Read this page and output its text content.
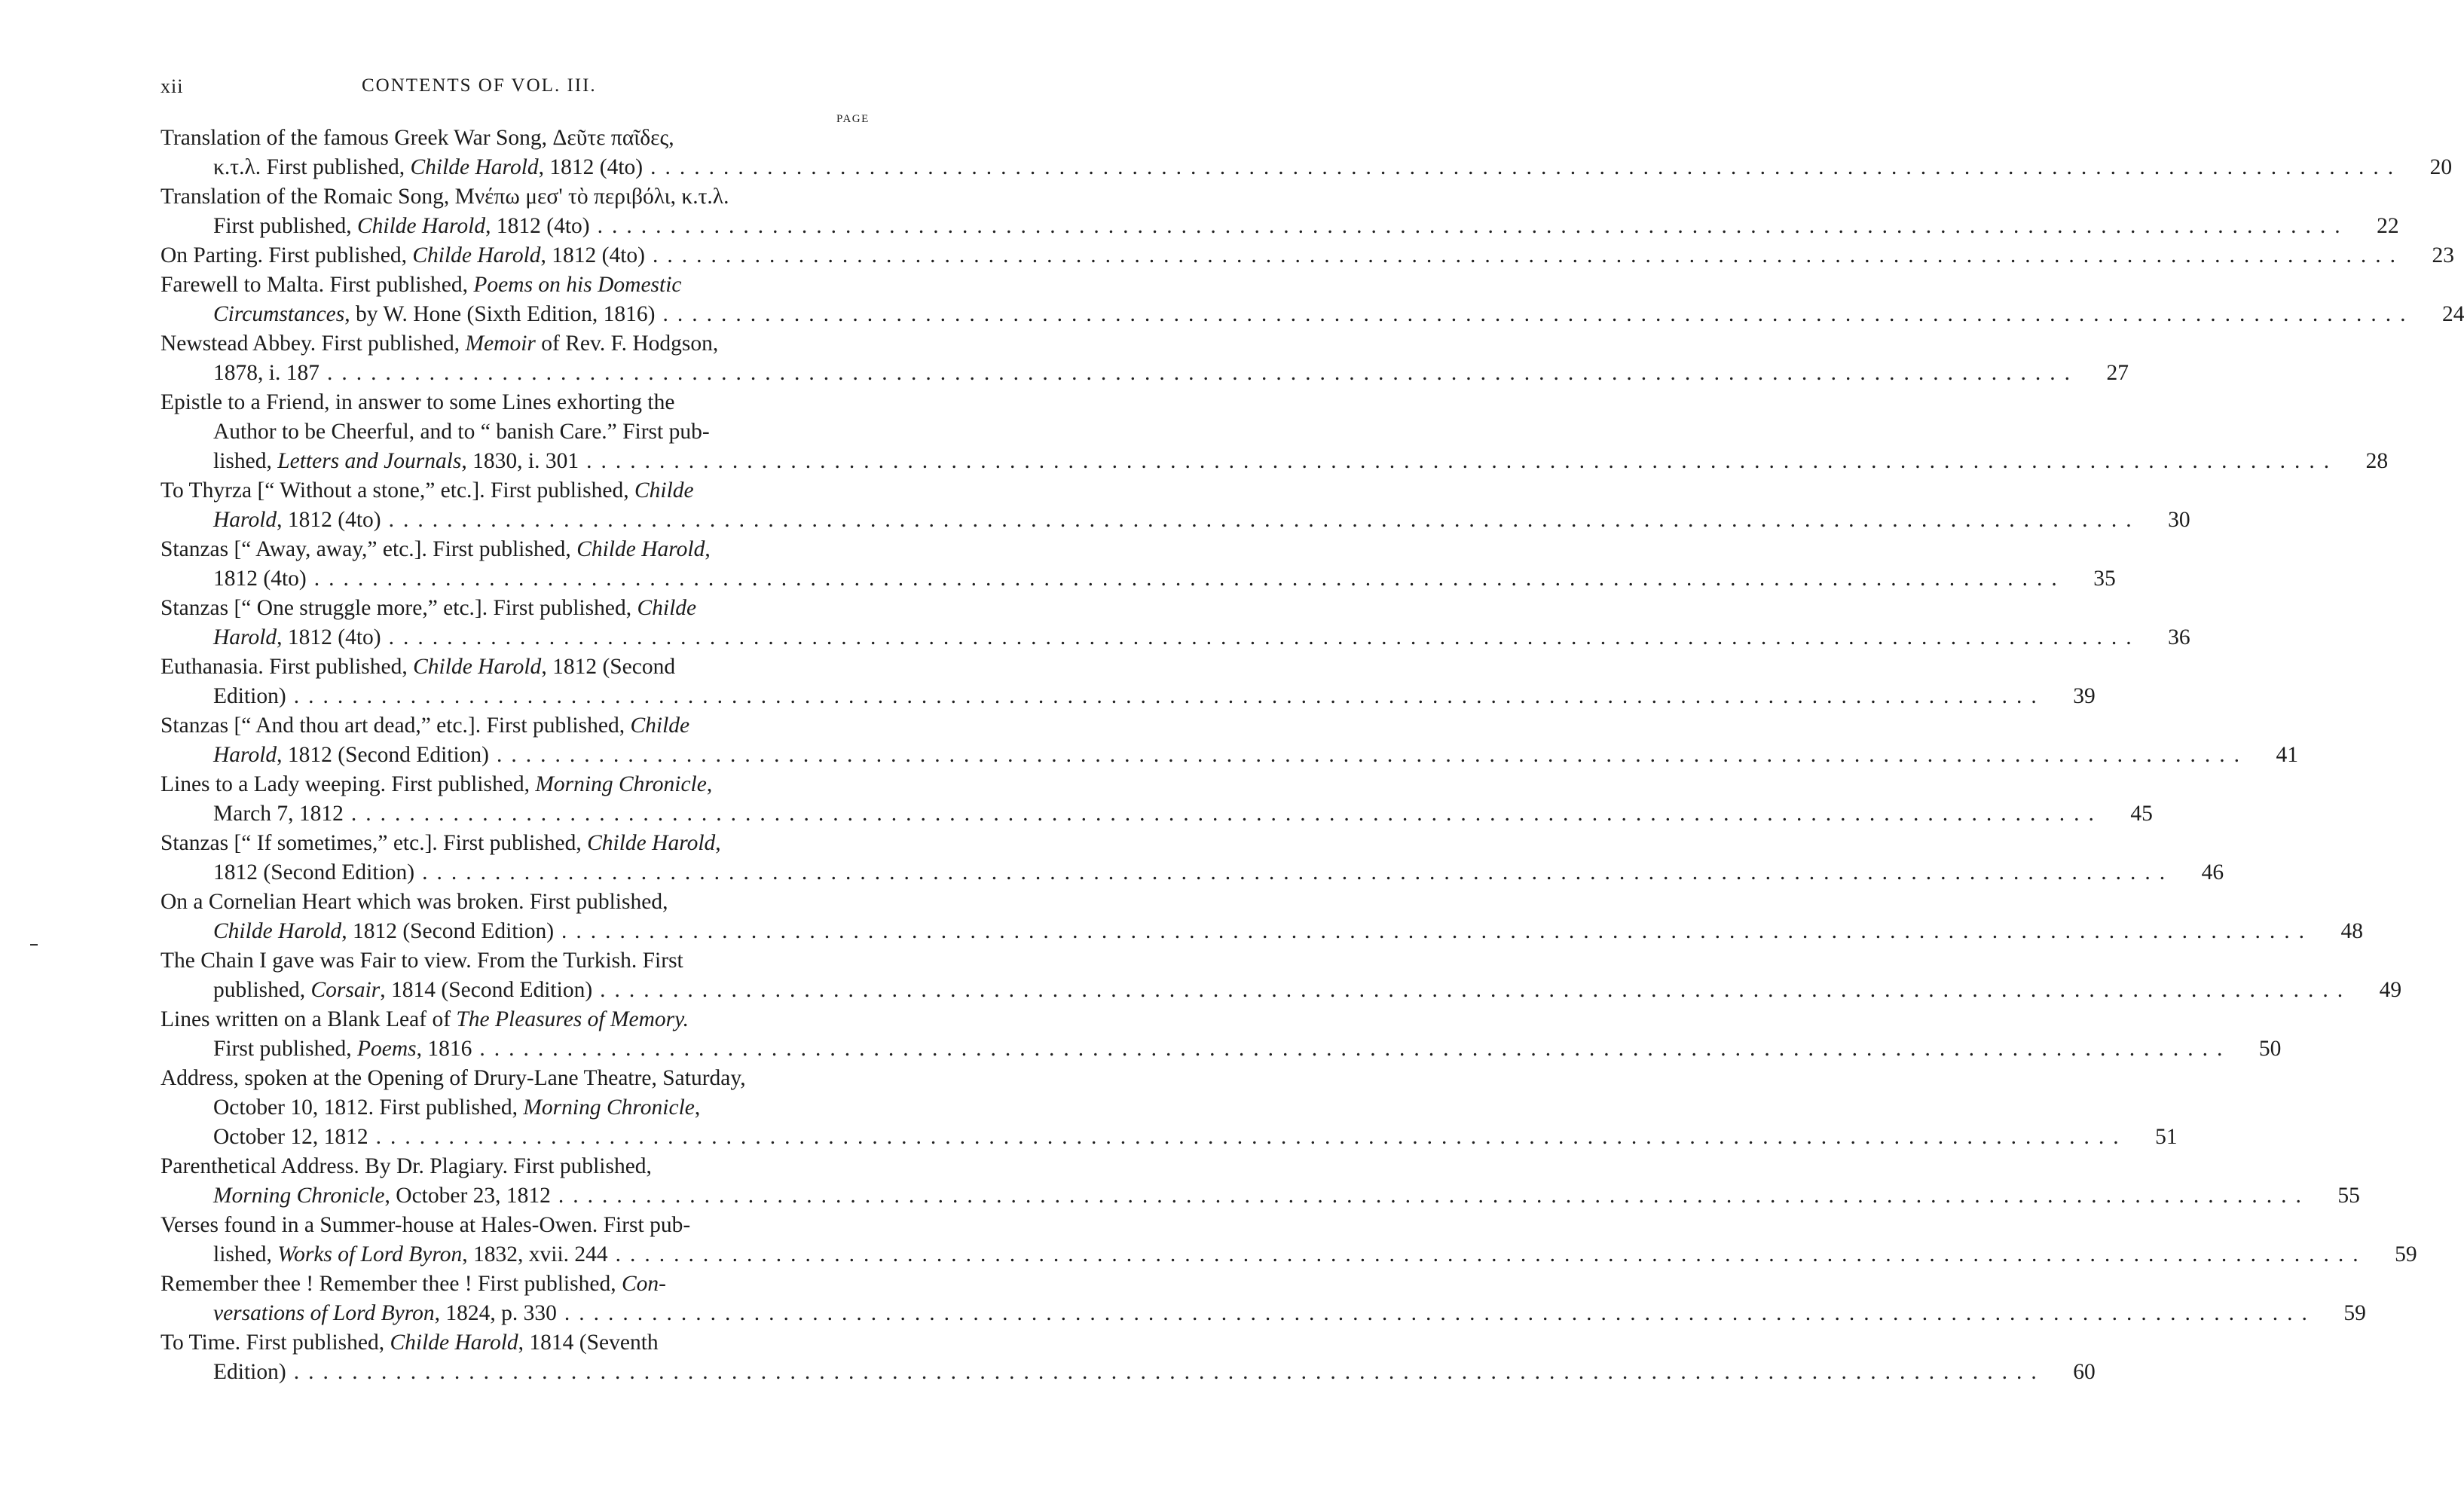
xii	CONTENTS OF VOL. III.
PAGE
Translation of the famous Greek War Song, Δεῦτε παῖδες,
κ.τ.λ. First published, Childe Harold, 1812 (4to) ........................................................................................................................	20
Translation of the Romaic Song, Μνέπω μεσ' τὸ περιβόλι, κ.τ.λ.
First published, Childe Harold, 1812 (4to) ........................................................................................................................	22
On Parting. First published, Childe Harold, 1812 (4to) ........................................................................................................................	23
Farewell to Malta. First published, Poems on his Domestic
Circumstances, by W. Hone (Sixth Edition, 1816) ........................................................................................................................	24
Newstead Abbey. First published, Memoir of Rev. F. Hodgson,
1878, i. 187 ........................................................................................................................	27
Epistle to a Friend, in answer to some Lines exhorting the
Author to be Cheerful, and to “ banish Care.” First pub-
lished, Letters and Journals, 1830, i. 301 ........................................................................................................................	28
To Thyrza [“ Without a stone,” etc.]. First published, Childe
Harold, 1812 (4to) ........................................................................................................................	30
Stanzas [“ Away, away,” etc.]. First published, Childe Harold,
1812 (4to) ........................................................................................................................	35
Stanzas [“ One struggle more,” etc.]. First published, Childe
Harold, 1812 (4to) ........................................................................................................................	36
Euthanasia. First published, Childe Harold, 1812 (Second
Edition) ........................................................................................................................	39
Stanzas [“ And thou art dead,” etc.]. First published, Childe
Harold, 1812 (Second Edition) ........................................................................................................................	41
Lines to a Lady weeping. First published, Morning Chronicle,
March 7, 1812 ........................................................................................................................	45
Stanzas [“ If sometimes,” etc.]. First published, Childe Harold,
1812 (Second Edition) ........................................................................................................................	46
On a Cornelian Heart which was broken. First published,
Childe Harold, 1812 (Second Edition) ........................................................................................................................	48
The Chain I gave was Fair to view. From the Turkish. First
published, Corsair, 1814 (Second Edition) ........................................................................................................................	49
Lines written on a Blank Leaf of The Pleasures of Memory.
First published, Poems, 1816 ........................................................................................................................	50
Address, spoken at the Opening of Drury-Lane Theatre, Saturday,
October 10, 1812. First published, Morning Chronicle,
October 12, 1812 ........................................................................................................................	51
Parenthetical Address. By Dr. Plagiary. First published,
Morning Chronicle, October 23, 1812 ........................................................................................................................	55
Verses found in a Summer-house at Hales-Owen. First pub-
lished, Works of Lord Byron, 1832, xvii. 244 ........................................................................................................................	59
Remember thee ! Remember thee ! First published, Con-
versations of Lord Byron, 1824, p. 330 ........................................................................................................................	59
To Time. First published, Childe Harold, 1814 (Seventh
Edition) ........................................................................................................................	60
